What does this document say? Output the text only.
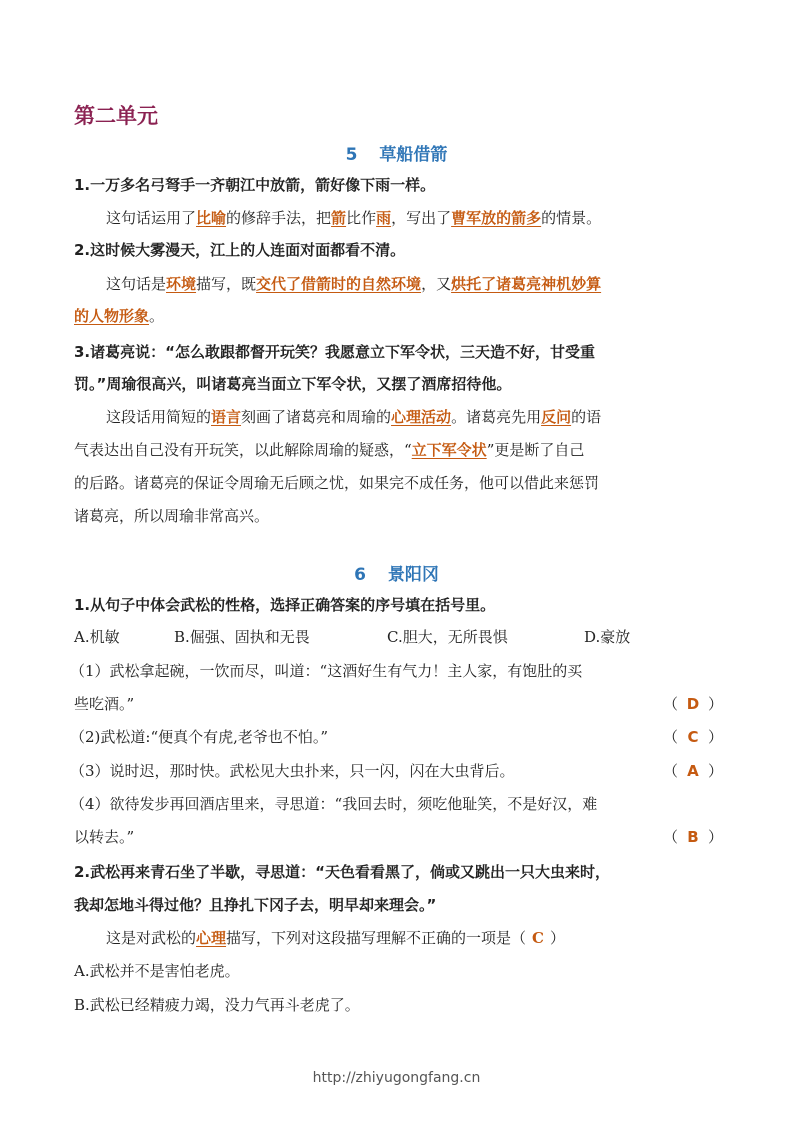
第二单元
5 草船借箭
1.一万多名弓弩手一齐朝江中放箭，箭好像下雨一样。
这句话运用了比喻的修辞手法，把箭比作雨，写出了曹军放的箭多的情景。
2.这时候大雾漫天，江上的人连面对面都看不清。
这句话是环境描写，既交代了借箭时的自然环境，又烘托了诸葛亮神机妙算
的人物形象。
3.诸葛亮说：“怎么敢跟都督开玩笑？我愿意立下军令状，三天造不好，甘受重
罚。”周瑜很高兴，叫诸葛亮当面立下军令状，又摆了酒席招待他。
这段话用简短的语言刻画了诸葛亮和周瑜的心理活动。诸葛亮先用反问的语
气表达出自己没有开玩笑，以此解除周瑜的疑惑，“立下军令状”更是断了自己
的后路。诸葛亮的保证令周瑜无后顾之忧，如果完不成任务，他可以借此来惩罚
诸葛亮，所以周瑜非常高兴。
6 景阳冈
1.从句子中体会武松的性格，选择正确答案的序号填在括号里。
A.机敏	B.倔强、固执和无畏	C.胆大，无所畏惧	D.豪放
（1）武松拿起碗，一饮而尽，叫道：“这酒好生有气力！主人家，有饱肚的买
些吃酒。”	（ D ）
（2)武松道:“便真个有虎,老爷也不怕。”	（ C ）
（3）说时迟，那时快。武松见大虫扑来，只一闪，闪在大虫背后。	（ A ）
（4）欲待发步再回酒店里来，寻思道：“我回去时，须吃他耻笑，不是好汉，难
以转去。”	（ B ）
2.武松再来青石坐了半歇，寻思道：“天色看看黑了，倘或又跳出一只大虫来时，
我却怎地斗得过他？且挣扎下冈子去，明早却来理会。”
这是对武松的心理描写，下列对这段描写理解不正确的一项是（ C ）
A.武松并不是害怕老虎。
B.武松已经精疲力竭，没力气再斗老虎了。
http://zhiyugongfang.cn
